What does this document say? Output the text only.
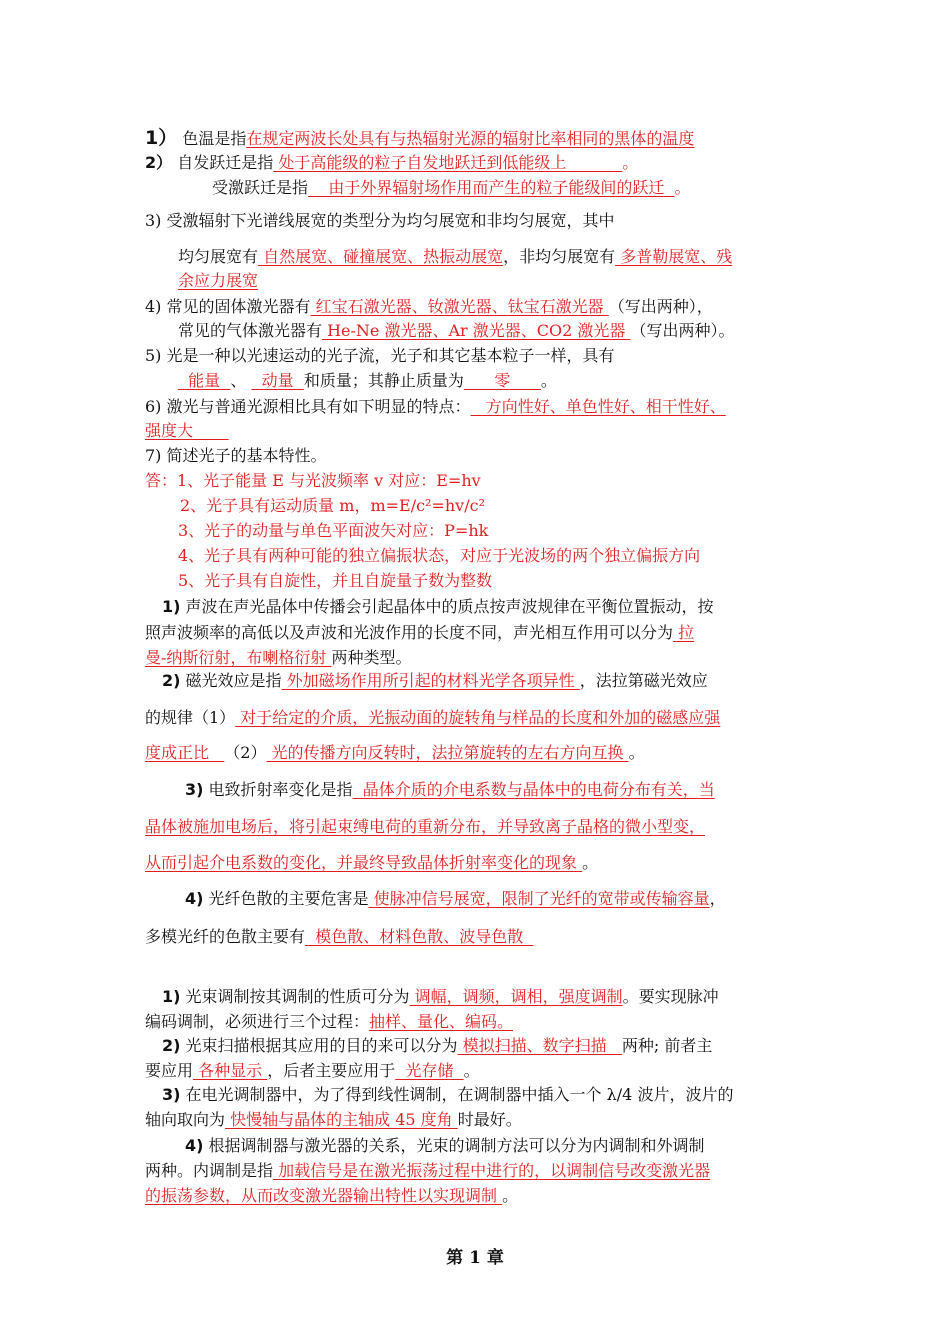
1） 色温是指在规定两波长处具有与热辐射光源的辐射比率相同的黑体的温度
2） 自发跃迁是指 处于高能级的粒子自发地跃迁到低能级上           。
受激跃迁是指    由于外界辐射场作用而产生的粒子能级间的跃迁  。
3) 受激辐射下光谱线展宽的类型分为均匀展宽和非均匀展宽，其中
均匀展宽有 自然展宽、碰撞展宽、热振动展宽，非均匀展宽有 多普勒展宽、残
余应力展宽
4) 常见的固体激光器有 红宝石激光器、钕激光器、钛宝石激光器 （写出两种），
常见的气体激光器有 He-Ne 激光器、Ar 激光器、CO2 激光器 （写出两种）。
5) 光是一种以光速运动的光子流，光子和其它基本粒子一样，具有
能量  、   动量  和质量；其静止质量为      零      。
6) 激光与普通光源相比具有如下明显的特点：   方向性好、单色性好、相干性好、
强度大
7) 简述光子的基本特性。
答：1、光子能量 E 与光波频率 v 对应：E=hv
2、光子具有运动质量 m，m=E/c²=hv/c²
3、光子的动量与单色平面波矢对应：P=hk
4、光子具有两种可能的独立偏振状态，对应于光波场的两个独立偏振方向
5、光子具有自旋性，并且自旋量子数为整数
1) 声波在声光晶体中传播会引起晶体中的质点按声波规律在平衡位置振动，按
照声波频率的高低以及声波和光波作用的长度不同，声光相互作用可以分为 拉
曼-纳斯衍射，布喇格衍射 两种类型。
2) 磁光效应是指 外加磁场作用所引起的材料光学各项异性 ，法拉第磁光效应
的规律（1） 对于给定的介质，光振动面的旋转角与样品的长度和外加的磁感应强
度成正比   （2） 光的传播方向反转时，法拉第旋转的左右方向互换 。
3) 电致折射率变化是指  晶体介质的介电系数与晶体中的电荷分布有关，当
晶体被施加电场后，将引起束缚电荷的重新分布，并导致离子晶格的微小型变，
从而引起介电系数的变化，并最终导致晶体折射率变化的现象 。
4) 光纤色散的主要危害是 使脉冲信号展宽，限制了光纤的宽带或传输容量，
多模光纤的色散主要有  模色散、材料色散、波导色散
1) 光束调制按其调制的性质可分为 调幅，调频，调相，强度调制。要实现脉冲
编码调制，必须进行三个过程：抽样、量化、编码。
2) 光束扫描根据其应用的目的来可以分为 模拟扫描、数字扫描   两种; 前者主
要应用 各种显示 ，后者主要应用于  光存储  。
3) 在电光调制器中，为了得到线性调制，在调制器中插入一个 λ/4 波片，波片的
轴向取向为 快慢轴与晶体的主轴成 45 度角 时最好。
4) 根据调制器与激光器的关系，光束的调制方法可以分为内调制和外调制
两种。内调制是指 加载信号是在激光振荡过程中进行的，以调制信号改变激光器
的振荡参数，从而改变激光器输出特性以实现调制 。
第 1 章
